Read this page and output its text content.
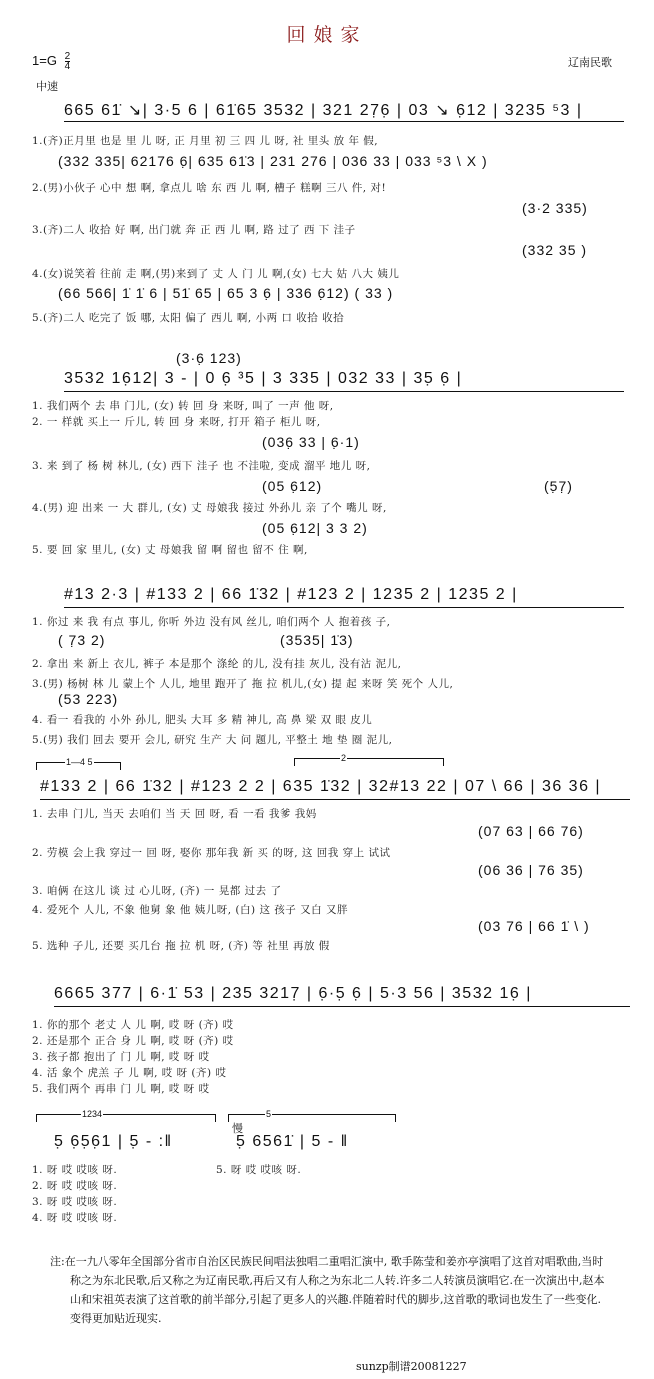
回娘家
$1=G \frac{2}{4}$	辽南民歌
中速
665 61̇ ↘| 3·5 6 | 61̇65 3532 | 321 27̣6̣ | 03 ↘ 6̣12 | 3235 ⁵3 |
1.(齐)正月里 也是 里 儿 呀, 正 月里 初 三 四 儿 呀, 社 里头 放 年 假,
(332 335| 62176 6̣| 635 61̇3 | 231 276 | 036 33 | 033 ⁵3 \ X )
2.(男)小伙子 心中 想 啊, 拿点儿 啥 东 西 儿 啊, 槽子 糕啊 三八 件, 对!
(3·2 335)
3.(齐)二人 收拾 好 啊, 出门就 奔 正 西 儿 啊, 路 过了 西 下 洼子
(332 35 )
4.(女)说笑着 往前 走 啊,(男)来到了 丈 人 门 儿 啊,(女) 七大 姑 八大 姨儿
(66 566| 1̇ 1̇ 6 | 51̇ 65 | 65 3 6̣ | 336 6̣12) ( 33 )
5.(齐)二人 吃完了 饭 哪, 太阳 偏了 西儿 啊, 小两 口 收拾 收拾
(3·6̣ 123)
3532 16̣12| 3 - | 0 6̣ ³5 | 3 335 | 032 33 | 35̣ 6̣ |
1. 我们两个 去 串 门儿, (女) 转 回 身 来呀, 叫了 一声 他 呀,
2. 一 样就 买上一 斤儿, 转 回 身 来呀, 打开 箱子 柜儿 呀,
(036̣ 33 | 6̣·1)
3. 来 到了 杨 树 林儿, (女) 西下 洼子 也 不洼啦, 变成 溜平 地儿 呀,
(05 6̣12)	(5̣7̣)
4.(男) 迎 出来 一 大 群儿, (女) 丈 母娘我 接过 外孙儿 亲 了个 嘴儿 呀,
(05 6̣12| 3 3 2)
5. 要 回 家 里儿, (女) 丈 母娘我 留 啊 留也 留不 住 啊,
#13 2·3 | #133 2 | 66 1̇32 | #123 2 | 1235 2 | 1235 2 |
1. 你过 来 我 有点 事儿, 你听 外边 没有风 丝儿, 咱们两个 人 抱着孩 子,
( 7̣3 2)	(3535| 1̇3)
2. 拿出 来 新上 衣儿, 裤子 本是那个 涤纶 的儿, 没有挂 灰儿, 没有沾 泥儿,
3.(男) 杨树 林 儿 蒙上个 人儿, 地里 跑开了 拖 拉 机儿,(女) 提 起 来呀 笑 死个 人儿,
(53 223)
4. 看一 看我的 小外 孙儿, 肥头 大耳 多 精 神儿, 高 鼻 梁 双 眼 皮儿
5.(男) 我们 回去 要开 会儿, 研究 生产 大 问 题儿, 平整土 地 垫 圈 泥儿,
1—4 5	2
#133 2 | 66 1̇32 | #123 2 2 | 635 1̇32 | 32#13 22 | 07 \ 66 | 36 36 |
1. 去串 门儿, 当天 去咱们 当 天 回 呀, 看 一看 我爹 我妈
(07 63 | 66 76)
2. 劳模 会上我 穿过一 回 呀, 娶你 那年我 新 买 的呀, 这 回我 穿上 试试
(06 36 | 76 35)
3. 咱俩 在这儿 谈 过 心儿呀, (齐) 一 晃都 过去 了
4. 爱死个 人儿, 不象 他舅 象 他 姨儿呀, (白) 这 孩子 又白 又胖
(03 76 | 66 1̇ \ )
5. 选种 子儿, 还要 买几台 拖 拉 机 呀, (齐) 等 社里 再放 假
6665 377 | 6·1̇ 53 | 235 3217̣ | 6̣·5̣ 6̣ | 5·3 56 | 3532 16̣ |
1. 你的那个 老丈 人 儿 啊, 哎 呀 (齐) 哎
2. 还是那个 正合 身 儿 啊, 哎 呀 (齐) 哎
3. 孩子都 抱出了 门 儿 啊, 哎 呀 哎
4. 活 象个 虎羔 子 儿 啊, 哎 呀 (齐) 哎
5. 我们两个 再串 门 儿 啊, 哎 呀 哎
1234	5
慢
5̣ 6̣5̣6̣1 | 5̣ - :‖	5̣ 6561̇ | 5 - ‖
1. 呀 哎 哎咳 呀.	5. 呀 哎 哎咳 呀.
2. 呀 哎 哎咳 呀.
3. 呀 哎 哎咳 呀.
4. 呀 哎 哎咳 呀.
注:在一九八零年全国部分省市自治区民族民间唱法独唱二重唱汇演中, 歌手陈莹和姜亦亭演唱了这首对唱歌曲,当时称之为东北民歌,后又称之为辽南民歌,再后又有人称之为东北二人转.许多二人转演员演唱它.在一次演出中,赵本山和宋祖英表演了这首歌的前半部分,引起了更多人的兴趣.伴随着时代的脚步,这首歌的歌词也发生了一些变化.变得更加贴近现实.
sunzp制谱20081227
